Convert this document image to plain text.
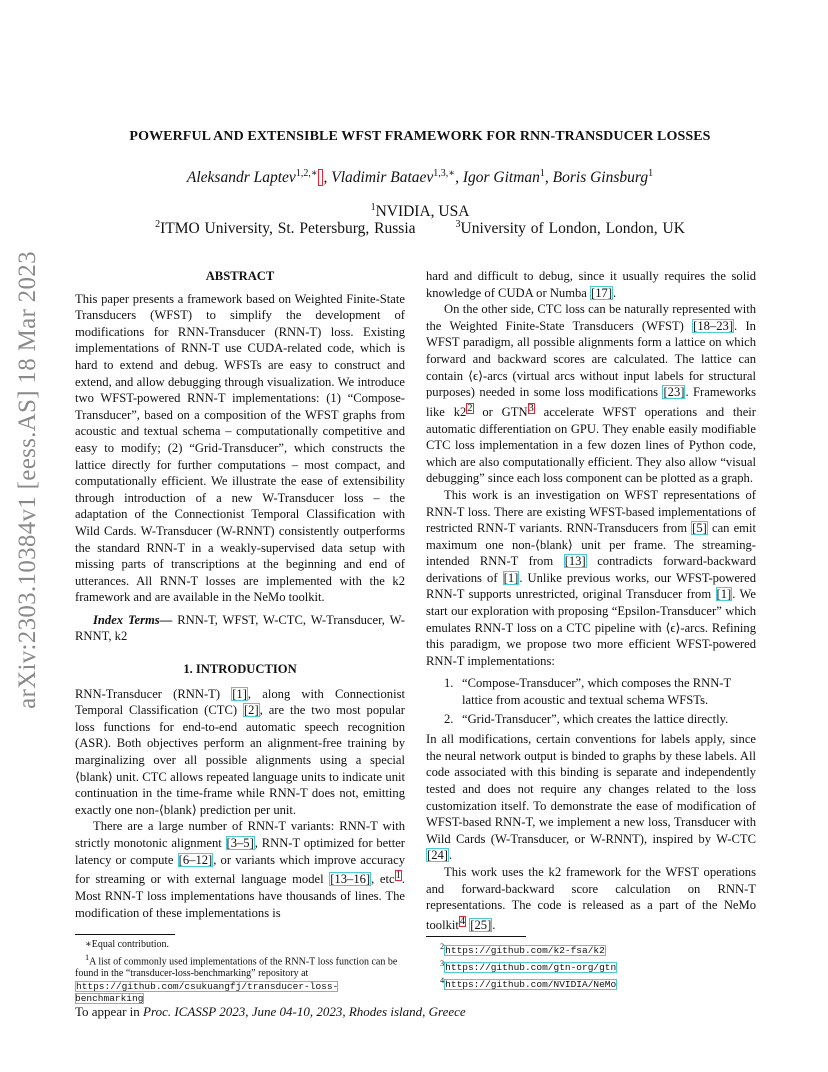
arXiv:2303.10384v1 [eess.AS] 18 Mar 2023
POWERFUL AND EXTENSIBLE WFST FRAMEWORK FOR RNN-TRANSDUCER LOSSES
Aleksandr Laptev$^{1,2,∗}$ , Vladimir Bataev$^{1,3,∗}$, Igor Gitman$^1$, Boris Ginsburg$^1$
$^1$NVIDIA, USA
$^2$ITMO University, St. Petersburg, Russia	$^3$University of London, London, UK
ABSTRACT

This paper presents a framework based on Weighted Finite-State Transducers (WFST) to simplify the development of modifications for RNN-Transducer (RNN-T) loss. Existing implementations of RNN-T use CUDA-related code, which is hard to extend and debug. WFSTs are easy to construct and extend, and allow debugging through visualization. We introduce two WFST-powered RNN-T implementations: (1) “Compose-Transducer”, based on a composition of the WFST graphs from acoustic and textual schema – computationally competitive and easy to modify; (2) “Grid-Transducer”, which constructs the lattice directly for further computations – most compact, and computationally efficient. We illustrate the ease of extensibility through introduction of a new W-Transducer loss – the adaptation of the Connectionist Temporal Classification with Wild Cards. W-Transducer (W-RNNT) consistently outperforms the standard RNN-T in a weakly-supervised data setup with missing parts of transcriptions at the beginning and end of utterances. All RNN-T losses are implemented with the k2 framework and are available in the NeMo toolkit.

Index Terms— RNN-T, WFST, W-CTC, W-Transducer, W-RNNT, k2

1. INTRODUCTION

RNN-Transducer (RNN-T) [1], along with Connectionist Temporal Classification (CTC) [2], are the two most popular loss functions for end-to-end automatic speech recognition (ASR). Both objectives perform an alignment-free training by marginalizing over all possible alignments using a special ⟨blank⟩ unit. CTC allows repeated language units to indicate unit continuation in the time-frame while RNN-T does not, emitting exactly one non-⟨blank⟩ prediction per unit.

There are a large number of RNN-T variants: RNN-T with strictly monotonic alignment [3–5], RNN-T optimized for better latency or compute [6–12], or variants which improve accuracy for streaming or with external language model [13–16], etc$^1$. Most RNN-T loss implementations have thousands of lines. The modification of these implementations is

∗Equal contribution.

$^1$A list of commonly used implementations of the RNN-T loss function can be found in the “transducer-loss-benchmarking” repository at

https://github.com/csukuangfj/transducer-loss-benchmarking

hard and difficult to debug, since it usually requires the solid knowledge of CUDA or Numba [17].

On the other side, CTC loss can be naturally represented with the Weighted Finite-State Transducers (WFST) [18–23]. In WFST paradigm, all possible alignments form a lattice on which forward and backward scores are calculated. The lattice can contain ⟨ϵ⟩-arcs (virtual arcs without input labels for structural purposes) needed in some loss modifications [23]. Frameworks like k2$^2$ or GTN$^3$ accelerate WFST operations and their automatic differentiation on GPU. They enable easily modifiable CTC loss implementation in a few dozen lines of Python code, which are also computationally efficient. They also allow “visual debugging” since each loss component can be plotted as a graph.

This work is an investigation on WFST representations of RNN-T loss. There are existing WFST-based implementations of restricted RNN-T variants. RNN-Transducers from [5] can emit maximum one non-⟨blank⟩ unit per frame. The streaming-intended RNN-T from [13] contradicts forward-backward derivations of [1]. Unlike previous works, our WFST-powered RNN-T supports unrestricted, original Transducer from [1]. We start our exploration with proposing “Epsilon-Transducer” which emulates RNN-T loss on a CTC pipeline with ⟨ϵ⟩-arcs. Refining this paradigm, we propose two more efficient WFST-powered RNN-T implementations:

1. “Compose-Transducer”, which composes the RNN-T lattice from acoustic and textual schema WFSTs.
2. “Grid-Transducer”, which creates the lattice directly.

In all modifications, certain conventions for labels apply, since the neural network output is binded to graphs by these labels. All code associated with this binding is separate and independently tested and does not require any changes related to the loss customization itself. To demonstrate the ease of modification of WFST-based RNN-T, we implement a new loss, Transducer with Wild Cards (W-Transducer, or W-RNNT), inspired by W-CTC [24].

This work uses the k2 framework for the WFST operations and forward-backward score calculation on RNN-T representations. The code is released as a part of the NeMo toolkit$^4$ [25].

$^2$https://github.com/k2-fsa/k2

$^3$https://github.com/gtn-org/gtn

$^4$https://github.com/NVIDIA/NeMo

To appear in Proc. ICASSP 2023, June 04-10, 2023, Rhodes island, Greece
